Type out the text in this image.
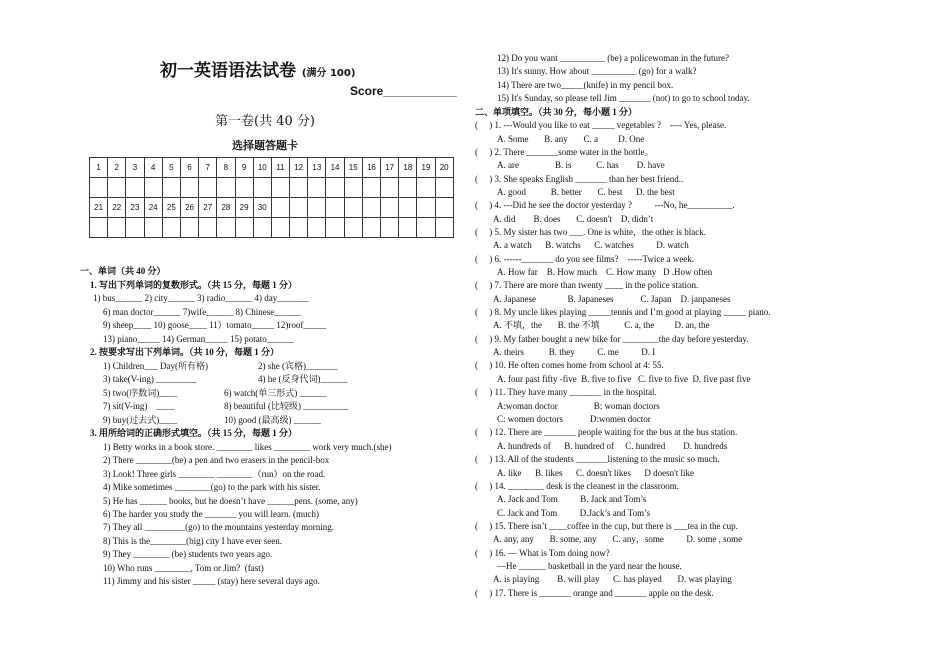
初一英语语法试卷 (满分 100)
Score___________
第一卷(共 40 分)
选择题答题卡
1	2	3	4	5	6	7	8	9	10	11	12	13	14	15	16	17	18	19	20

21	22	23	24	25	26	27	28	29	30										

一、单词（共 40 分）
1. 写出下列单词的复数形式。（共 15 分，每题 1 分）
1) bus______ 2) city______ 3) radio______ 4) day_______
6) man doctor______ 7)wife______ 8) Chinese______
9) sheep____ 10) goose____ 11）tomato_____ 12)roof_____
13) piano_____ 14) German_____ 15) potato______
2. 按要求写出下列单词。（共 10 分，每题 1 分）
1) Children___ Day(所有格)	2) she (宾格)_______
3) take(V-ing) _________	4) he (反身代词)______
5) two(序数词)____	6) watch(单三形式) ______
7) sit(V-ing)    ____	8) beautiful (比较级) __________
9) buy(过去式)____	10) good (最高级) ______
3. 用所给词的正确形式填空。（共 15 分，每题 1 分）
1) Betty works in a book store. ________ likes ________ work very much.(she)
2) There ________(be) a pen and two erasers in the pencil-box
3) Look! Three girls ________ ________（run）on the road.
4) Mike sometimes ________(go) to the park with his sister.
5) He has ______ books, but he doesn’t have ______pens. (some, any)
6) The harder you study the _______ you will learn. (much)
7) They all _________(go) to the mountains yesterday morning.
8) This is the________(big) city I have ever seen.
9) They ________ (be) students two years ago.
10) Who runs ________, Tom or Jim?  (fast)
11) Jimmy and his sister _____ (stay) here several days ago.
12) Do you want __________ (be) a policewoman in the future?
13) It's sunny. How about __________ (go) for a walk?
14) There are two_____(knife) in my pencil box.
15) It's Sunday, so please tell Jim _______ (not) to go to school today.
二、单项填空。（共 30 分，每小题 1 分）
(     ) 1. ---Would you like to eat _____ vegetables ?    ---- Yes, please.
A. Some       B. any       C. a         D. One
(     ) 2. There _______some water in the bottle。
A. are                B. is           C. has        D. have
(     ) 3. She speaks English _______ than her best friend..
A. good           B. better       C. best      D. the best
(     ) 4. ---Did he see the doctor yesterday ?          ---No, he__________.
A. did        B. does       C. doesn't    D. didn’t
(     ) 5. My sister has two ___. One is white，the other is black.
A. a watch      B. watchs      C. watches          D. watch
(     ) 6. ------_______ do you see films?    -----Twice a week.
A. How far    B. How much    C. How many   D .How often
(     ) 7. There are more than twenty ____ in the police station.
A. Japanese              B. Japaneses            C. Japan    D. janpaneses
(     ) 8. My uncle likes playing _____tennis and I’m good at playing _____ piano.
A. 不填，the       B. the 不填           C. a, the         D. an, the
(     ) 9. My father bought a new bike for ________the day before yesterday.
A. theirs           B. they          C. me          D. I
(     ) 10. He often comes home from school at 4: 55.
A. four past fifty -five  B. five to five   C. five to five  D. five past five
(     ) 11. They have many _______ in the hospital.
A:woman doctor                B: woman doctors
C: women doctors            D:women doctor
(     ) 12. There are _______ people waiting for the bus at the bus station.
A. hundreds of      B. hundred of     C. hundred        D. hundreds
(     ) 13. All of the students _______listening to the music so much.
A. like      B. likes      C. doesn't likes      D doesn't like
(     ) 14. ________ desk is the cleanest in the classroom.
A. Jack and Tom          B. Jack and Tom’s
C. Jack and Tom          D.Jack’s and Tom’s
(     ) 15. There isn’t ____coffee in the cup, but there is ___tea in the cup.
A. any, any       B. some, any       C. any，some          D. some , some
(     ) 16. — What is Tom doing now?
—He ______ basketball in the yard near the house.
A. is playing        B. will play      C. has played       D. was playing
(     ) 17. There is _______ orange and _______ apple on the desk.
